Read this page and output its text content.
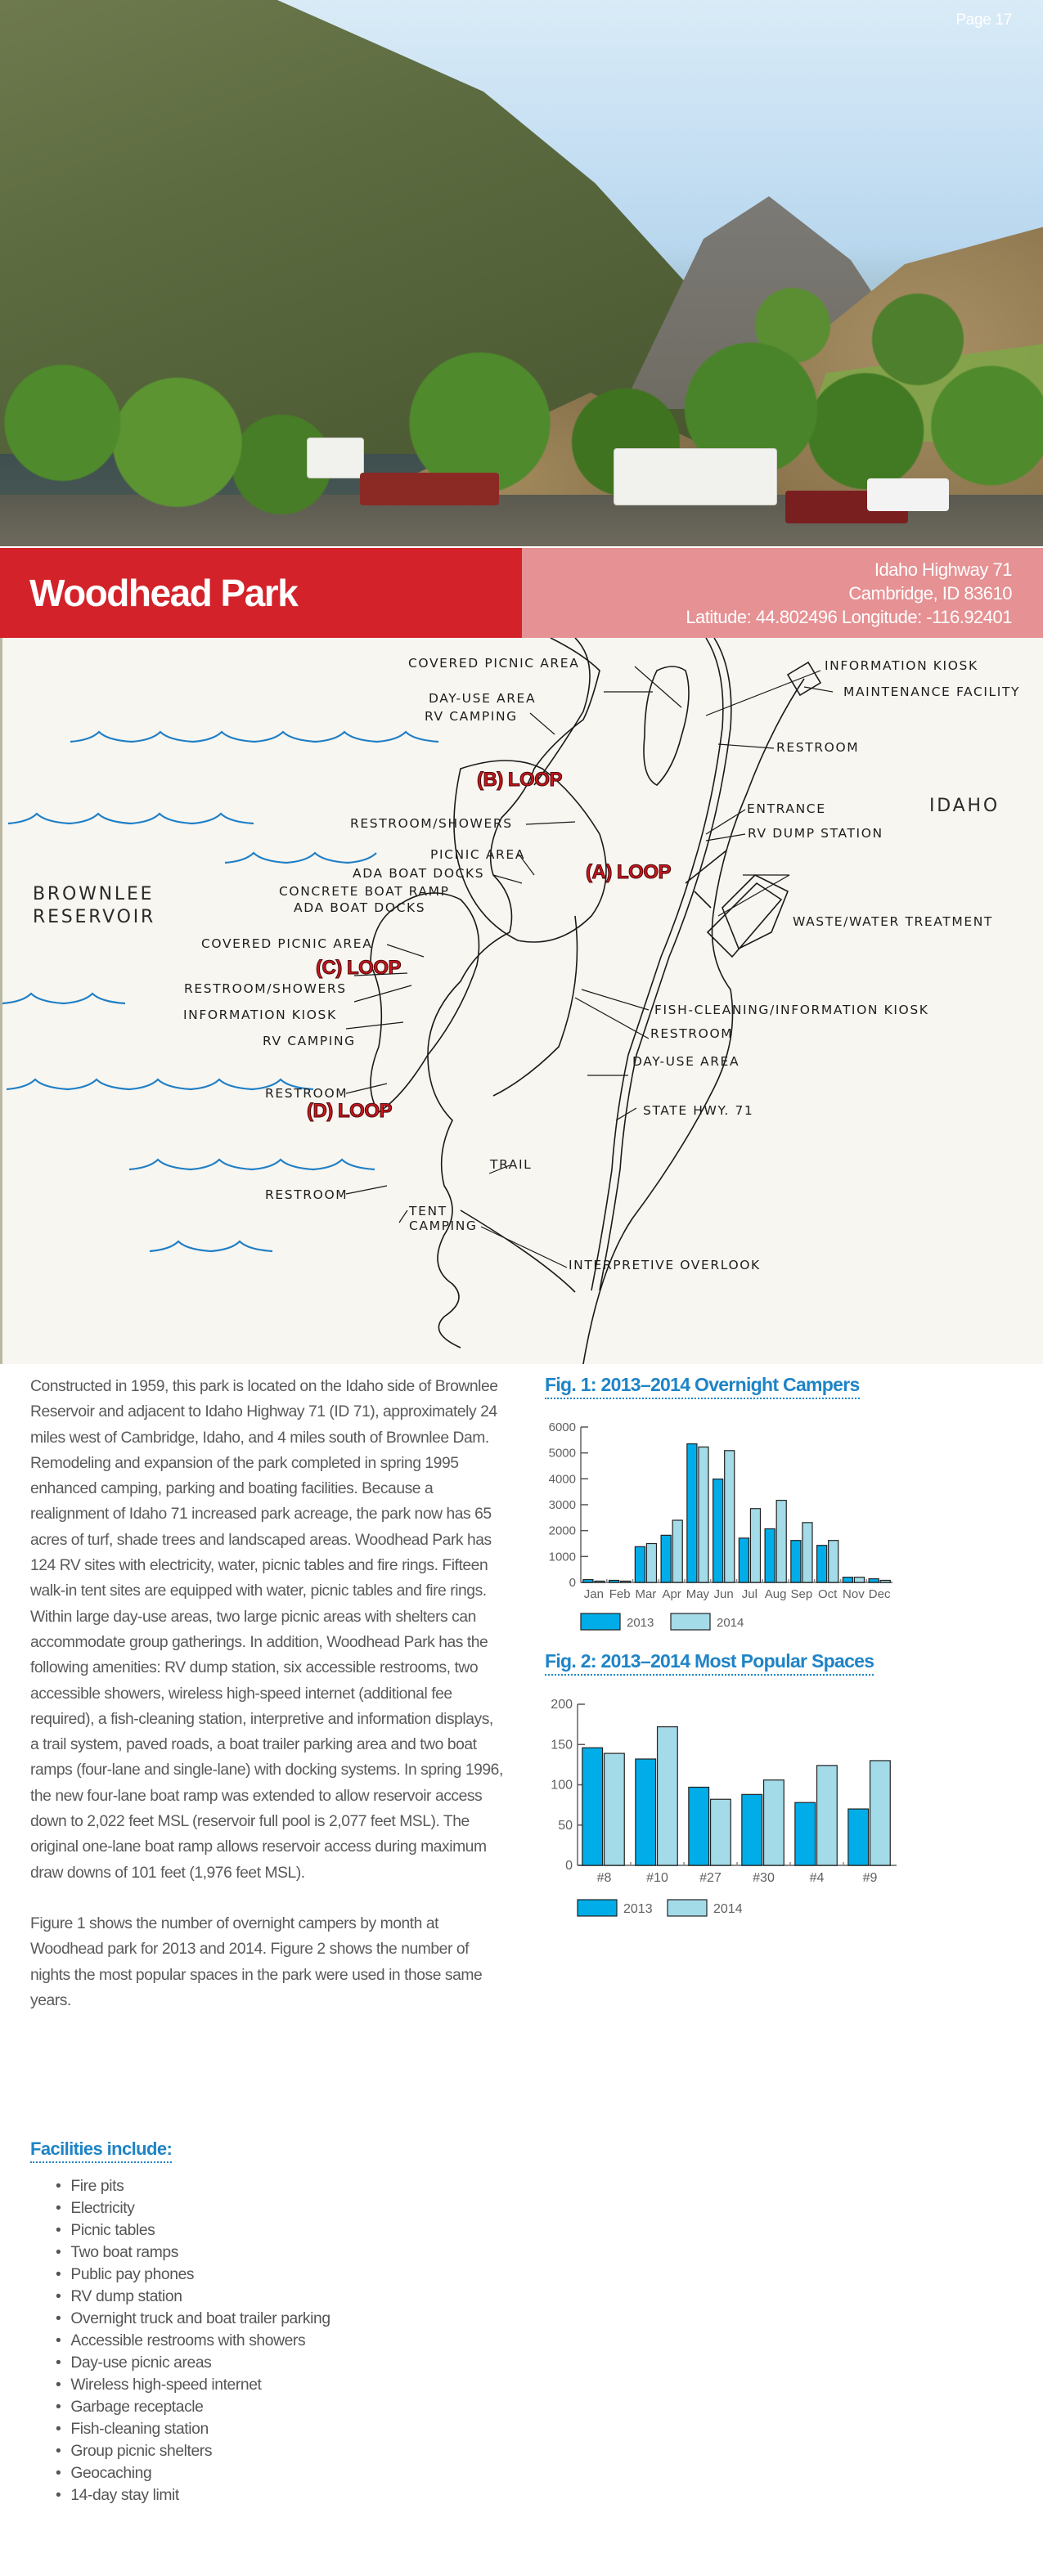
Page 17
Woodhead Park
Idaho Highway 71
Cambridge, ID 83610
Latitude: 44.802496 Longitude: -116.92401
BROWNLEE
RESERVOIR
IDAHO
(B) LOOP
(A) LOOP
(C) LOOP
(D) LOOP
COVERED PICNIC AREA
DAY-USE AREA
RV CAMPING
INFORMATION KIOSK
MAINTENANCE FACILITY
RESTROOM
ENTRANCE
RV DUMP STATION
RESTROOM/SHOWERS
PICNIC AREA
ADA BOAT DOCKS
CONCRETE BOAT RAMP
ADA BOAT DOCKS
WASTE/WATER TREATMENT
COVERED PICNIC AREA
RESTROOM/SHOWERS
INFORMATION KIOSK
RV CAMPING
FISH-CLEANING/INFORMATION KIOSK
RESTROOM
DAY-USE AREA
RESTROOM
STATE HWY. 71
TRAIL
RESTROOM
TENT
CAMPING
INTERPRETIVE OVERLOOK

Constructed in 1959, this park is located on the Idaho side of Brownlee Reservoir and adjacent to Idaho Highway 71 (ID 71), approximately 24 miles west of Cambridge, Idaho, and 4 miles south of Brownlee Dam. Remodeling and expansion of the park completed in spring 1995 enhanced camping, parking and boating facilities. Because a realignment of Idaho 71 increased park acreage, the park now has 65 acres of turf, shade trees and landscaped areas. Woodhead Park has 124 RV sites with electricity, water, picnic tables and fire rings. Fifteen walk-in tent sites are equipped with water, picnic tables and fire rings. Within large day-use areas, two large picnic areas with shelters can accommodate group gatherings. In addition, Woodhead Park has the following amenities: RV dump station, six accessible restrooms, two accessible showers, wireless high-speed internet (additional fee required), a fish-cleaning station, interpretive and information displays, a trail system, paved roads, a boat trailer parking area and two boat ramps (four-lane and single-lane) with docking systems. In spring 1996, the new four-lane boat ramp was extended to allow reservoir access down to 2,022 feet MSL (reservoir full pool is 2,077 feet MSL). The original one-lane boat ramp allows reservoir access during maximum draw downs of 101 feet (1,976 feet MSL).

Figure 1 shows the number of overnight campers by month at Woodhead park for 2013 and 2014. Figure 2 shows the number of nights the most popular spaces in the park were used in those same years.

Facilities include:
• Fire pits
• Electricity
• Picnic tables
• Two boat ramps
• Public pay phones
• RV dump station
• Overnight truck and boat trailer parking
• Accessible restrooms with showers
• Day-use picnic areas
• Wireless high-speed internet
• Garbage receptacle
• Fish-cleaning station
• Group picnic shelters
• Geocaching
• 14-day stay limit
Fig. 1: 2013–2014 Overnight Campers
0
1000
2000
3000
4000
5000
6000
Jan Feb Mar Apr May Jun Jul Aug Sep Oct Nov Dec
2013	2014
Fig. 2: 2013–2014 Most Popular Spaces
0
50
100
150
200
#8	#10 #27 #30	#4	#9
2013	2014
